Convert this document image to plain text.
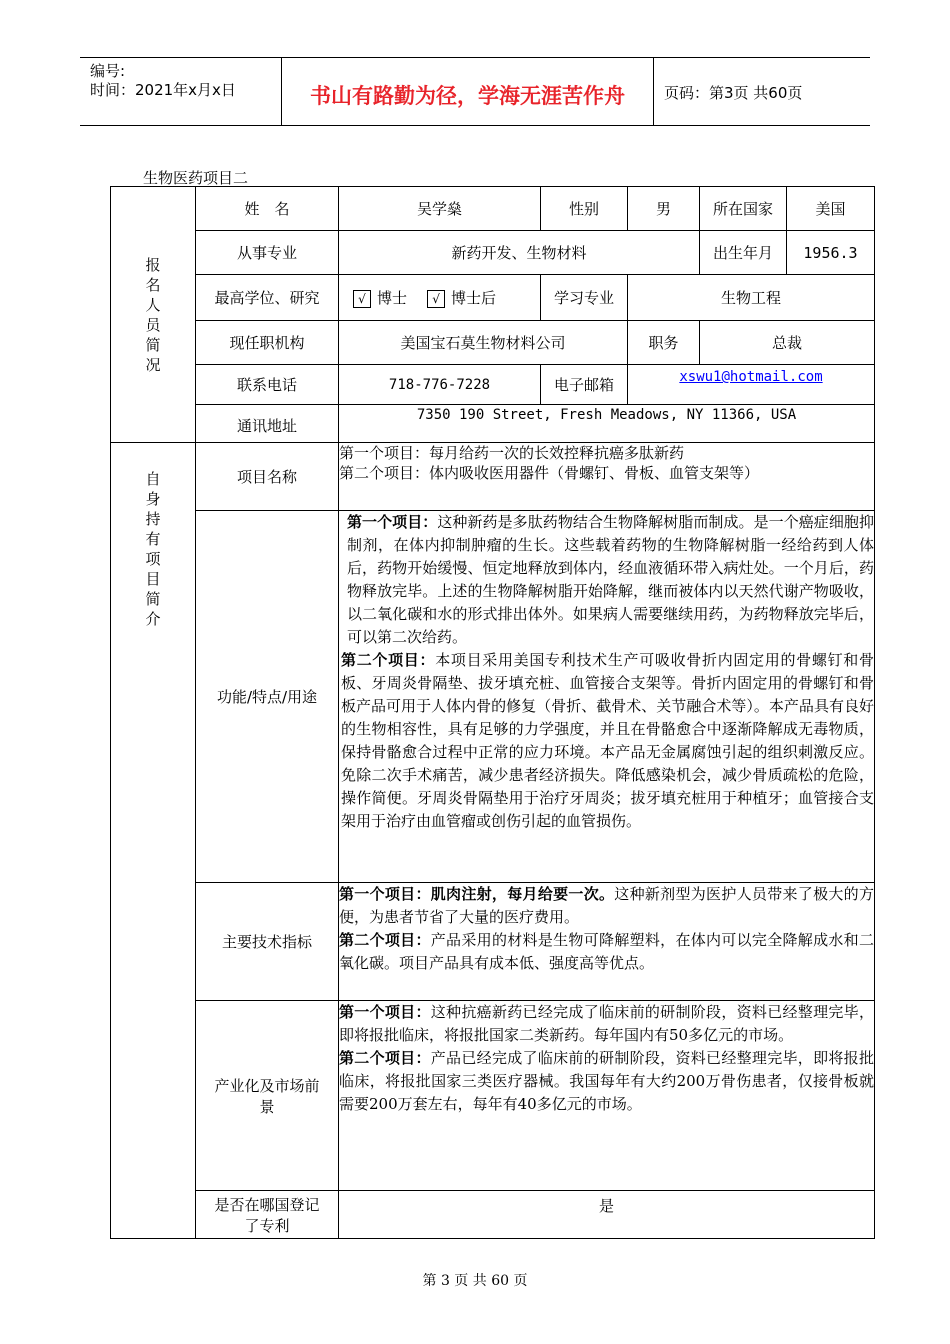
编号:
时间：2021年x月x日	书山有路勤为径，学海无涯苦作舟	页码：第3页 共60页
生物医药项目二
报名人员简况	姓　名	吴学燊	性别	男	所在国家	美国
	从事专业	新药开发、生物材料			出生年月	1956.3
	最高学位、研究	√ 博士 √ 博士后	学习专业	生物工程		
	现任职机构	美国宝石莫生物材料公司		职务	总裁	
	联系电话	718-776-7228	电子邮箱	xswu1@hotmail.com		
	通讯地址	7350 190 Street, Fresh Meadows, NY 11366, USA				

自身持有项目简介	项目名称	第一个项目：每月给药一次的长效控释抗癌多肽新药
第二个项目：体内吸收医用器件（骨螺钉、骨板、血管支架等）				

	功能/特点/用途	第一个项目：这种新药是多肽药物结合生物降解树脂而制成。是一个癌症细胞抑制剂，在体内抑制肿瘤的生长。这些载着药物的生物降解树脂一经给药到人体后，药物开始缓慢、恒定地释放到体内，经血液循环带入病灶处。一个月后，药物释放完毕。上述的生物降解树脂开始降解，继而被体内以天然代谢产物吸收，以二氧化碳和水的形式排出体外。如果病人需要继续用药，为药物释放完毕后，可以第二次给药。
第二个项目：本项目采用美国专利技术生产可吸收骨折内固定用的骨螺钉和骨板、牙周炎骨隔垫、拔牙填充桩、血管接合支架等。骨折内固定用的骨螺钉和骨板产品可用于人体内骨的修复（骨折、截骨术、关节融合术等）。本产品具有良好的生物相容性，具有足够的力学强度，并且在骨骼愈合中逐渐降解成无毒物质，保持骨骼愈合过程中正常的应力环境。本产品无金属腐蚀引起的组织刺激反应。免除二次手术痛苦，减少患者经济损失。降低感染机会，减少骨质疏松的危险，操作简便。牙周炎骨隔垫用于治疗牙周炎；拔牙填充桩用于种植牙；血管接合支架用于治疗由血管瘤或创伤引起的血管损伤。				

	主要技术指标	第一个项目：肌肉注射，每月给要一次。这种新剂型为医护人员带来了极大的方便，为患者节省了大量的医疗费用。
第二个项目：产品采用的材料是生物可降解塑料，在体内可以完全降解成水和二氧化碳。项目产品具有成本低、强度高等优点。				

	产业化及市场前景	第一个项目：这种抗癌新药已经完成了临床前的研制阶段，资料已经整理完毕，即将报批临床，将报批国家二类新药。每年国内有50多亿元的市场。
第二个项目：产品已经完成了临床前的研制阶段，资料已经整理完毕，即将报批临床，将报批国家三类医疗器械。我国每年有大约200万骨伤患者，仅接骨板就需要200万套左右，每年有40多亿元的市场。				

	是否在哪国登记了专利	是				
第 3 页 共 60 页
